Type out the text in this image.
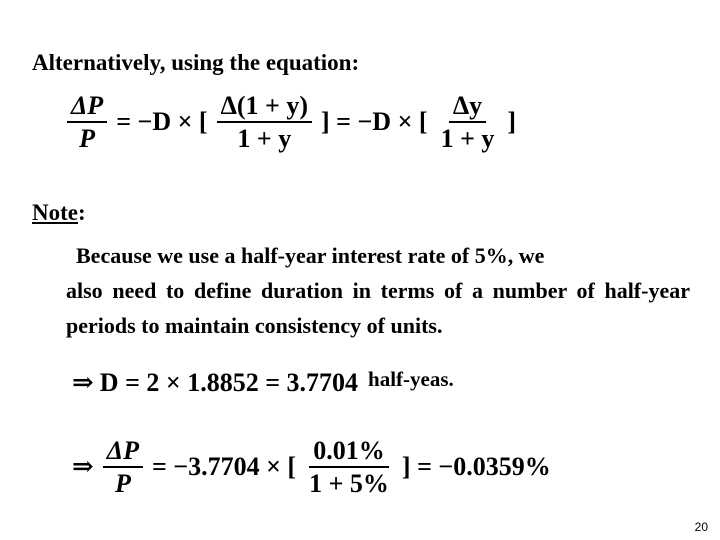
Alternatively, using the equation:
$\frac{\Delta P}{P} = -D$ × [ $\frac{\Delta(1 + y)}{1 + y}$ ] = −D × [ $\frac{\Delta y}{1 + y}$ ]
Note:
Because we use a half-year interest rate of 5%, we
also need to define duration in terms of a number of half-year periods to maintain consistency of units.
⇒ D = 2 × 1.8852 = 3.7704 half-yeas.
⇒ $\frac{\Delta P}{P} = -3.7704$ × [ $\frac{0.01\%}{1 + 5\%}$ ] = −0.0359%
20
